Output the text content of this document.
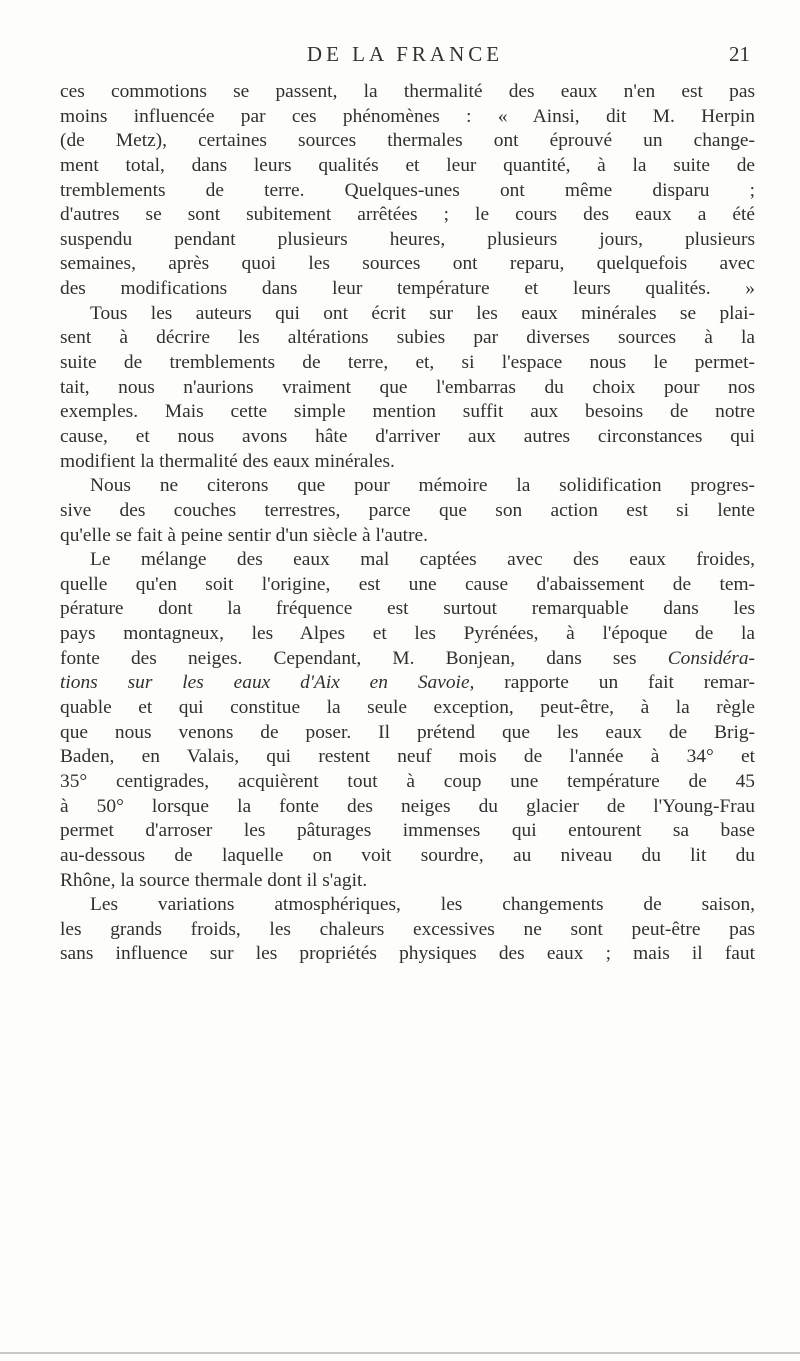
DE LA FRANCE	21
ces commotions se passent, la thermalité des eaux n'en est pas
moins influencée par ces phénomènes : « Ainsi, dit M. Herpin
(de Metz), certaines sources thermales ont éprouvé un change-
ment total, dans leurs qualités et leur quantité, à la suite de
tremblements de terre. Quelques-unes ont même disparu ;
d'autres se sont subitement arrêtées ; le cours des eaux a été
suspendu pendant plusieurs heures, plusieurs jours, plusieurs
semaines, après quoi les sources ont reparu, quelquefois avec
des modifications dans leur température et leurs qualités. »
Tous les auteurs qui ont écrit sur les eaux minérales se plai-
sent à décrire les altérations subies par diverses sources à la
suite de tremblements de terre, et, si l'espace nous le permet-
tait, nous n'aurions vraiment que l'embarras du choix pour nos
exemples. Mais cette simple mention suffit aux besoins de notre
cause, et nous avons hâte d'arriver aux autres circonstances qui
modifient la thermalité des eaux minérales.
Nous ne citerons que pour mémoire la solidification progres-
sive des couches terrestres, parce que son action est si lente
qu'elle se fait à peine sentir d'un siècle à l'autre.
Le mélange des eaux mal captées avec des eaux froides,
quelle qu'en soit l'origine, est une cause d'abaissement de tem-
pérature dont la fréquence est surtout remarquable dans les
pays montagneux, les Alpes et les Pyrénées, à l'époque de la
fonte des neiges. Cependant, M. Bonjean, dans ses Considéra-
tions sur les eaux d'Aix en Savoie, rapporte un fait remar-
quable et qui constitue la seule exception, peut-être, à la règle
que nous venons de poser. Il prétend que les eaux de Brig-
Baden, en Valais, qui restent neuf mois de l'année à 34° et
35° centigrades, acquièrent tout à coup une température de 45
à 50° lorsque la fonte des neiges du glacier de l'Young-Frau
permet d'arroser les pâturages immenses qui entourent sa base
au-dessous de laquelle on voit sourdre, au niveau du lit du
Rhône, la source thermale dont il s'agit.
Les variations atmosphériques, les changements de saison,
les grands froids, les chaleurs excessives ne sont peut-être pas
sans influence sur les propriétés physiques des eaux ; mais il faut
